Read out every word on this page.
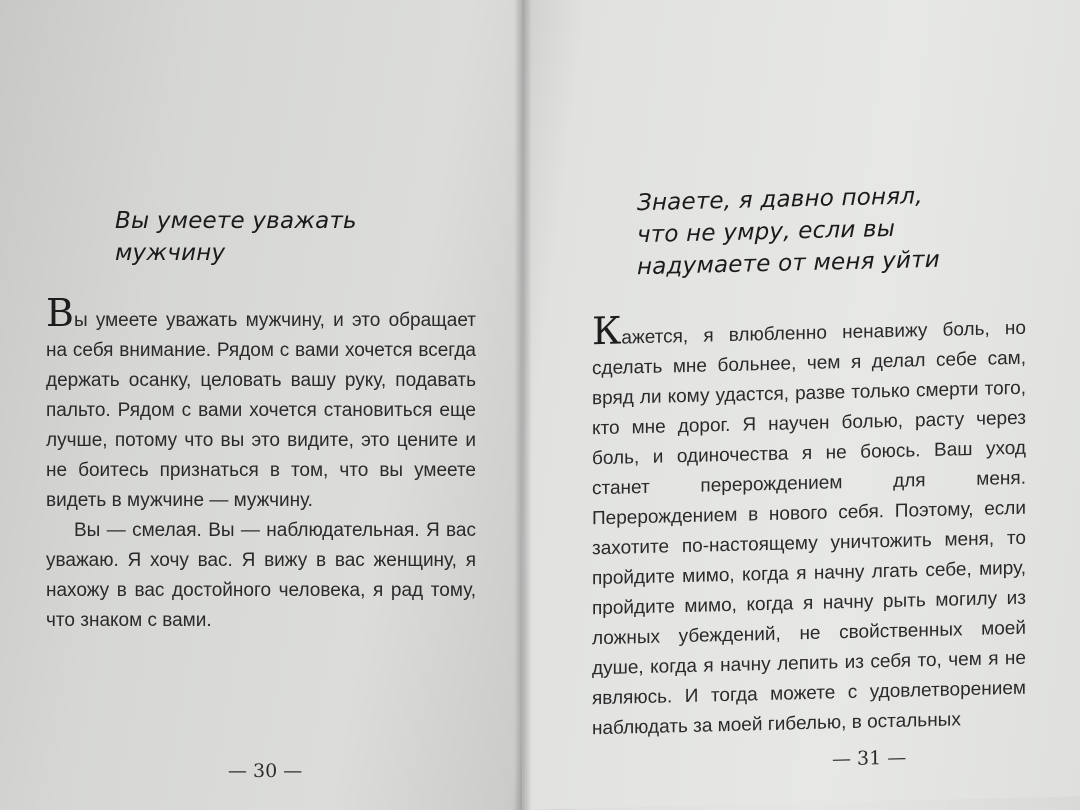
Вы умеете уважать
мужчину

Вы умеете уважать мужчину, и это обращает на себя внимание. Рядом с вами хочется всегда держать осанку, целовать вашу руку, подавать пальто. Рядом с вами хочется становиться еще лучше, потому что вы это видите, это цените и не боитесь признаться в том, что вы умеете видеть в мужчине — мужчину.

Вы — смелая. Вы — наблюдательная. Я вас уважаю. Я хочу вас. Я вижу в вас женщину, я нахожу в вас достойного человека, я рад тому, что знаком с вами.

— 30 —

Знаете, я давно понял,
что не умру, если вы
надумаете от меня уйти

Кажется, я влюбленно ненавижу боль, но сделать мне больнее, чем я делал себе сам, вряд ли кому удастся, разве только смерти того, кто мне дорог. Я научен болью, расту через боль, и одиночества я не боюсь. Ваш уход станет перерождением для меня. Перерождением в нового себя. Поэтому, если захотите по-настоящему уничтожить меня, то пройдите мимо, когда я начну лгать себе, миру, пройдите мимо, когда я начну рыть могилу из ложных убеждений, не свойственных моей душе, когда я начну лепить из себя то, чем я не являюсь. И тогда можете с удовлетворением наблюдать за моей гибелью, в остальных

— 31 —
